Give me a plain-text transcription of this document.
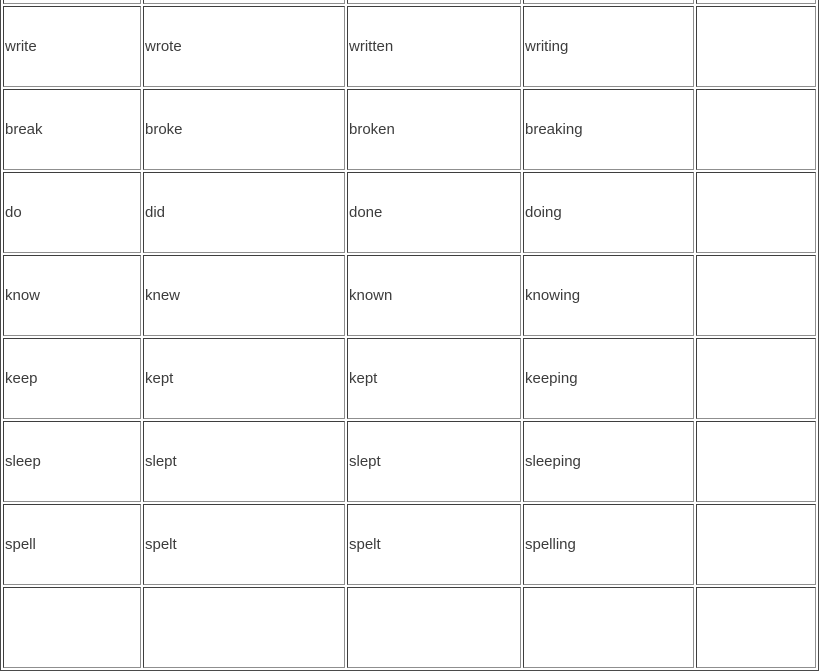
write	wrote	written	writing	
break	broke	broken	breaking	
do	did	done	doing	
know	knew	known	knowing	
keep	kept	kept	keeping	
sleep	slept	slept	sleeping	
spell	spelt	spelt	spelling	
